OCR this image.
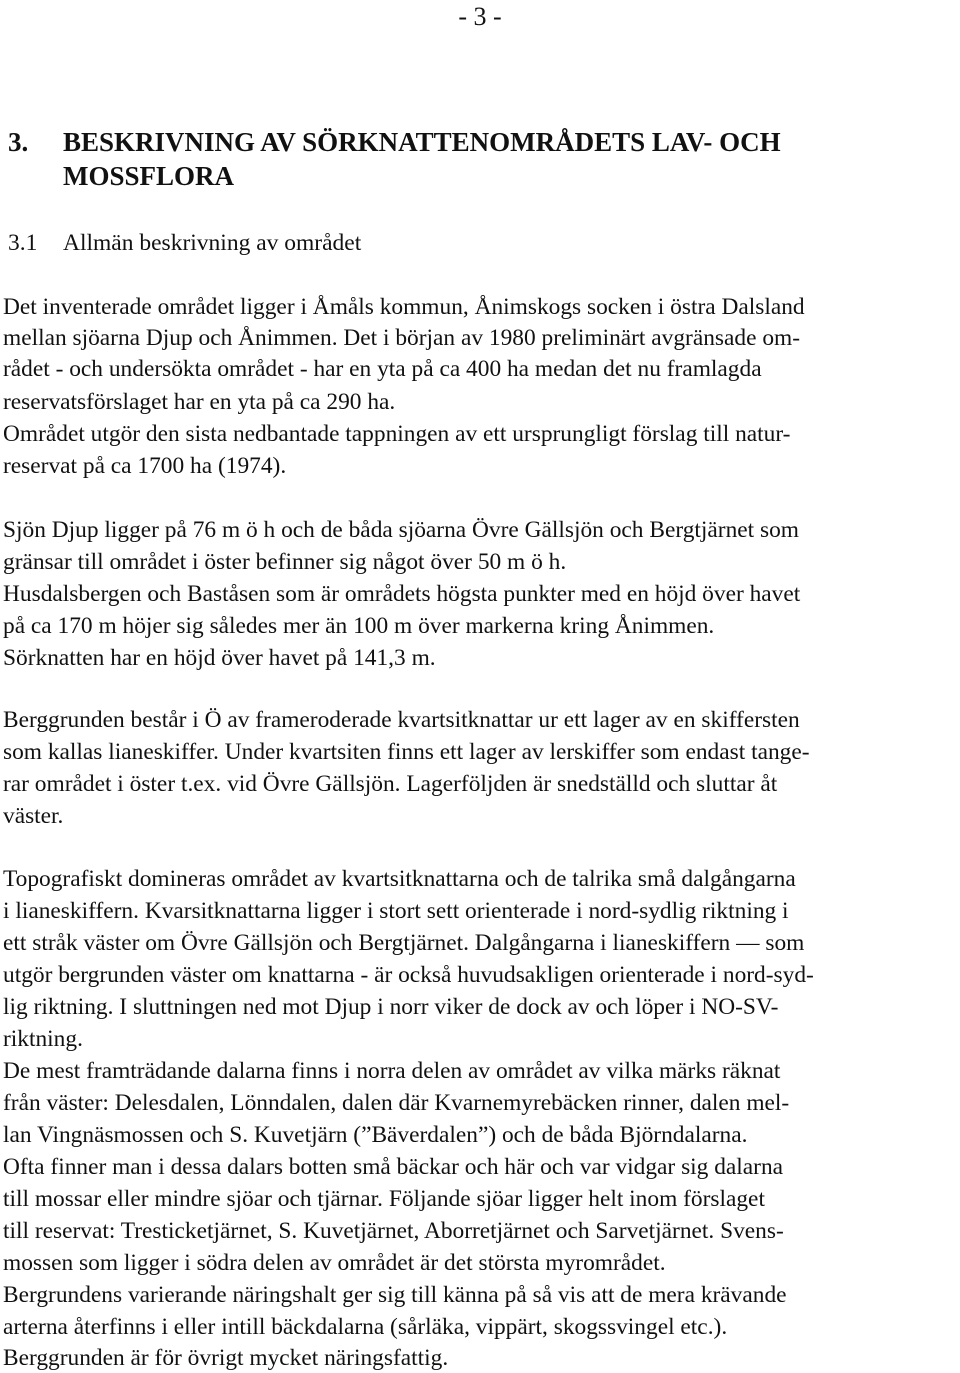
- 3 -
3. BESKRIVNING AV SÖRKNATTENOMRÅDETS LAV- OCH
MOSSFLORA
3.1 Allmän beskrivning av området
Det inventerade området ligger i Åmåls kommun, Ånimskogs socken i östra Dalsland
mellan sjöarna Djup och Ånimmen. Det i början av 1980 preliminärt avgränsade om-
rådet - och undersökta området - har en yta på ca 400 ha medan det nu framlagda
reservatsförslaget har en yta på ca 290 ha.
Området utgör den sista nedbantade tappningen av ett ursprungligt förslag till natur-
reservat på ca 1700 ha (1974).
Sjön Djup ligger på 76 m ö h och de båda sjöarna Övre Gällsjön och Bergtjärnet som
gränsar till området i öster befinner sig något över 50 m ö h.
Husdalsbergen och Baståsen som är områdets högsta punkter med en höjd över havet
på ca 170 m höjer sig således mer än 100 m över markerna kring Ånimmen.
Sörknatten har en höjd över havet på 141,3 m.
Berggrunden består i Ö av frameroderade kvartsitknattar ur ett lager av en skiffersten
som kallas lianeskiffer. Under kvartsiten finns ett lager av lerskiffer som endast tange-
rar området i öster t.ex. vid Övre Gällsjön. Lagerföljden är snedställd och sluttar åt
väster.
Topografiskt domineras området av kvartsitknattarna och de talrika små dalgångarna
i lianeskiffern. Kvarsitknattarna ligger i stort sett orienterade i nord-sydlig riktning i
ett stråk väster om Övre Gällsjön och Bergtjärnet. Dalgångarna i lianeskiffern — som
utgör bergrunden väster om knattarna - är också huvudsakligen orienterade i nord-syd-
lig riktning. I sluttningen ned mot Djup i norr viker de dock av och löper i NO-SV-
riktning.
De mest framträdande dalarna finns i norra delen av området av vilka märks räknat
från väster: Delesdalen, Lönndalen, dalen där Kvarnemyrebäcken rinner, dalen mel-
lan Vingnäsmossen och S. Kuvetjärn (”Bäverdalen”) och de båda Björndalarna.
Ofta finner man i dessa dalars botten små bäckar och här och var vidgar sig dalarna
till mossar eller mindre sjöar och tjärnar. Följande sjöar ligger helt inom förslaget
till reservat: Tresticketjärnet, S. Kuvetjärnet, Aborretjärnet och Sarvetjärnet. Svens-
mossen som ligger i södra delen av området är det största myrområdet.
Bergrundens varierande näringshalt ger sig till känna på så vis att de mera krävande
arterna återfinns i eller intill bäckdalarna (sårläka, vippärt, skogssvingel etc.).
Berggrunden är för övrigt mycket näringsfattig.
